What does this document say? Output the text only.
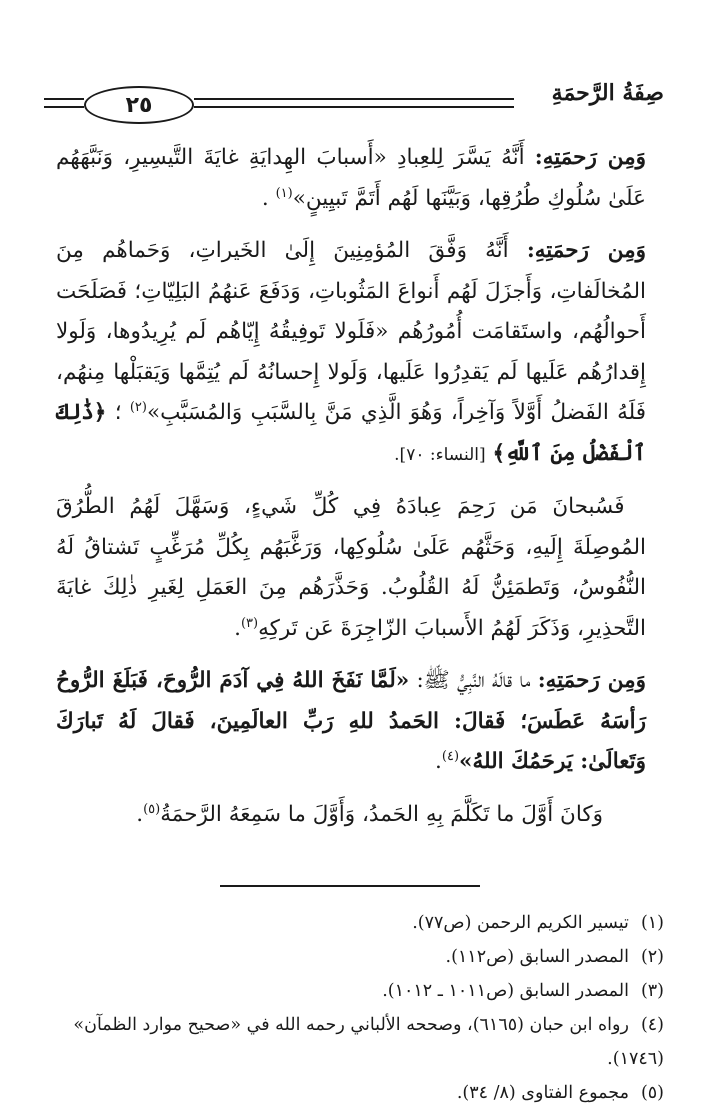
صِفَةُ الرَّحمَةِ
٢٥

وَمِن رَحمَتِهِ: أَنَّهُ يَسَّرَ لِلعِبادِ «أَسبابَ الهِدايَةِ غايَةَ التَّيسِيرِ، وَنَبَّهَهُم عَلَىٰ سُلُوكِ طُرُقِها، وَبَيَّنَها لَهُم أَتَمَّ تَبيِينٍ»$^{(١)}$ .

وَمِن رَحمَتِهِ: أَنَّهُ وَفَّقَ المُؤمِنِينَ إِلَىٰ الخَيراتِ، وَحَماهُم مِنَ المُخالَفاتِ، وَأَجزَلَ لَهُم أَنواعَ المَثُوباتِ، وَدَفَعَ عَنهُمُ البَلِيّاتِ؛ فَصَلَحَت أَحوالُهُم، واستَقامَت أُمُورُهُم «فَلَولا تَوفِيقُهُ إِيّاهُم لَم يُرِيدُوها، وَلَولا إِقدارُهُم عَلَيها لَم يَقدِرُوا عَلَيها، وَلَولا إِحسانُهُ لَم يُتِمَّها وَيَقبَلْها مِنهُم، فَلَهُ الفَضلُ أَوَّلاً وَآخِراً، وَهُوَ الَّذِي مَنَّ بِالسَّبَبِ وَالمُسَبَّبِ»$^{(٢)}$ ؛ ﴿ذَٰلِكَ ٱلْفَضْلُ مِنَ ٱللَّهِ﴾ [النساء: ٧٠].

 فَسُبحانَ مَن رَحِمَ عِبادَهُ فِي كُلِّ شَيءٍ، وَسَهَّلَ لَهُمُ الطُّرُقَ المُوصِلَةَ إِلَيهِ، وَحَثَّهُم عَلَىٰ سُلُوكِها، وَرَغَّبَهُم بِكُلِّ مُرَغِّبٍ تَشتاقُ لَهُ النُّفُوسُ، وَتَطمَئِنُّ لَهُ القُلُوبُ. وَحَذَّرَهُم مِنَ العَمَلِ لِغَيرِ ذٰلِكَ غايَةَ التَّحذِيرِ، وَذَكَرَ لَهُمُ الأَسبابَ الزّاجِرَةَ عَن تَركِهِ$^{(٣)}$.

وَمِن رَحمَتِهِ: ما قالَهُ النَّبِيُّ ﷺ: «لَمَّا نَفَخَ اللهُ فِي آدَمَ الرُّوحَ، فَبَلَغَ الرُّوحُ رَأسَهُ عَطَسَ؛ فَقالَ: الحَمدُ للهِ رَبِّ العالَمِينَ، فَقالَ لَهُ تَبارَكَ وَتَعالَىٰ: يَرحَمُكَ اللهُ»$^{(٤)}$.

  وَكانَ أَوَّلَ ما تَكَلَّمَ بِهِ الحَمدُ، وَأَوَّلَ ما سَمِعَهُ الرَّحمَةُ$^{(٥)}$.

(١)تيسير الكريم الرحمن (ص٧٧).

(٢)المصدر السابق (ص١١٢).

(٣)المصدر السابق (ص١٠١١ ـ ١٠١٢).

(٤)رواه ابن حبان (٦١٦٥)، وصححه الألباني رحمه الله في «صحيح موارد الظمآن» (١٧٤٦).

(٥)مجموع الفتاوى (٨/ ٣٤).
